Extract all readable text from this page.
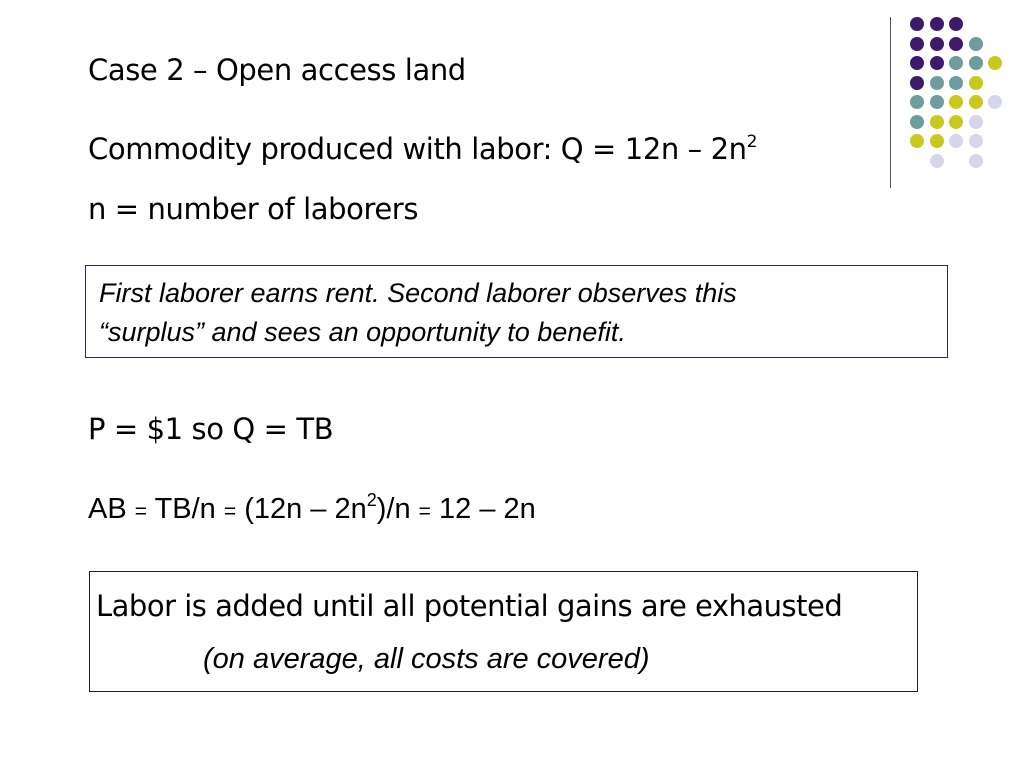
Case 2 – Open access land
Commodity produced with labor: $Q = 12n - 2n^2$
n = number of laborers
First laborer earns rent. Second laborer observes this
“surplus” and sees an opportunity to benefit.
P = $1 so Q = TB
AB = $TB/n = (12n - 2n^2)/n = 12 - 2n$
Labor is added until all potential gains are exhausted
(on average, all costs are covered)
